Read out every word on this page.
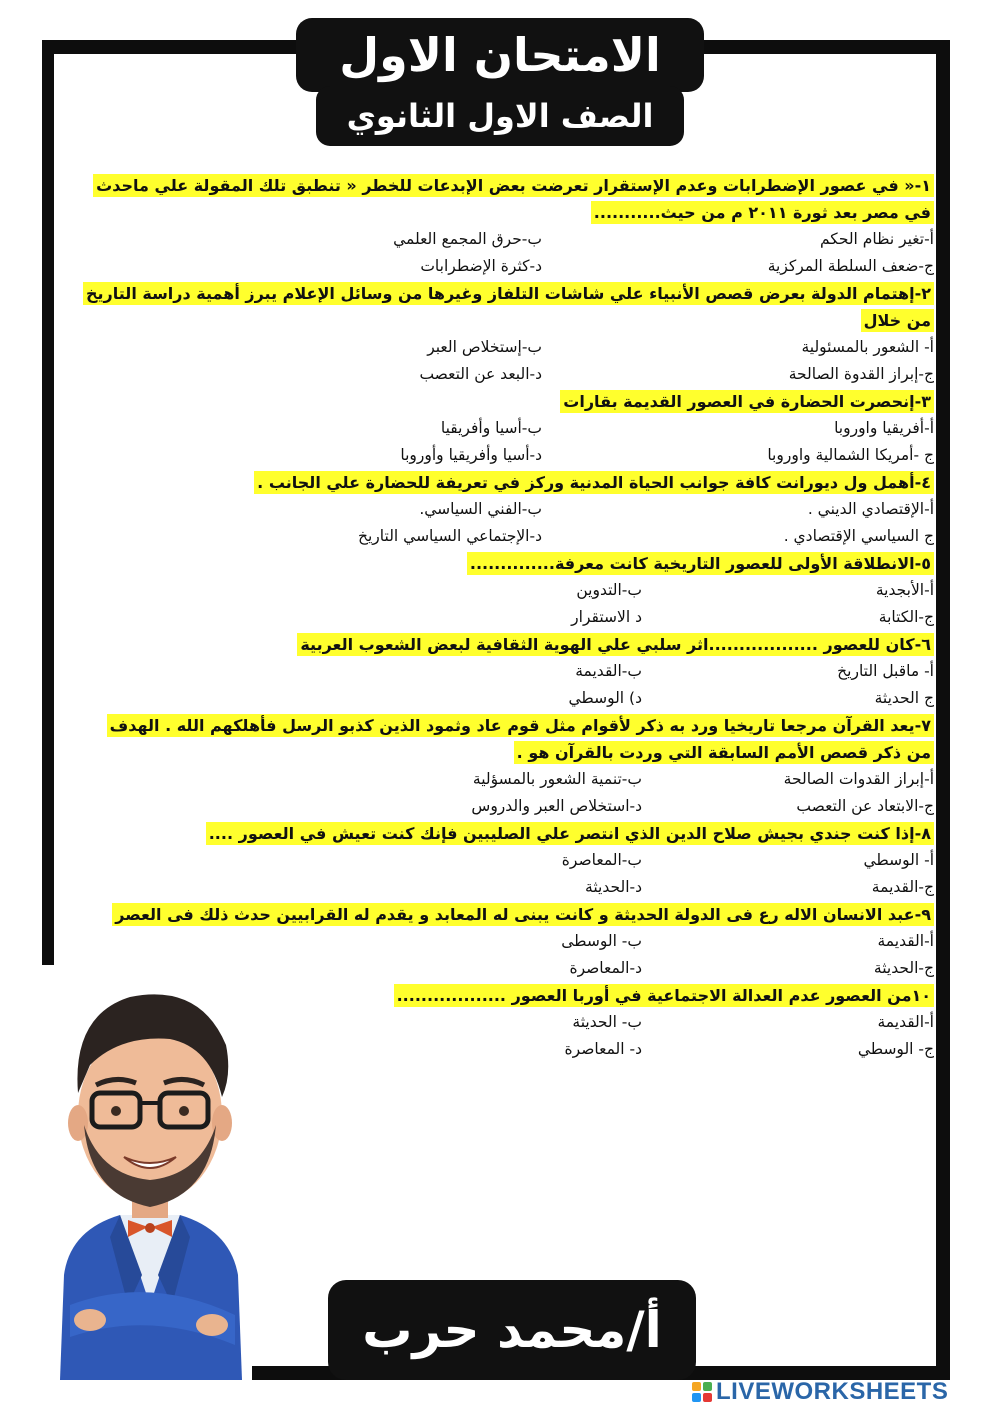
الامتحان الاول
الصف الاول الثانوي
١-« في عصور الإضطرابات وعدم الإستقرار تعرضت بعض الإبدعات للخطر « تنطبق تلك المقولة علي ماحدث
في مصر بعد ثورة ٢٠١١ م من حيث...........
أ-تغير نظام الحكم
ب-حرق المجمع العلمي
ج-ضعف السلطة المركزية
د-كثرة الإضطرابات
٢-إهتمام الدولة بعرض قصص الأنبياء علي شاشات التلفاز وغيرها من وسائل الإعلام يبرز أهمية دراسة التاريخ
من خلال
أ- الشعور بالمسئولية
ب-إستخلاص العبر
ج-إبراز القدوة الصالحة
د-البعد عن التعصب
٣-إنحصرت الحضارة في العصور القديمة بقارات
أ-أفريقيا واوروبا
ب-أسيا وأفريقيا
ج -أمريكا الشمالية واوروبا
د-أسيا وأفريقيا وأوروبا
٤-أهمل ول ديورانت كافة جوانب الحياة المدنية وركز في تعريفة للحضارة علي الجانب .
أ-الإقتصادي الديني .
ب-الفني السياسي.
ج السياسي الإقتصادي .
د-الإجتماعي السياسي التاريخ
٥-الانطلاقة الأولى للعصور التاريخية كانت معرفة..............
أ-الأبجدية
ب-التدوين
ج-الكتابة
د الاستقرار
٦-كان للعصور ..................اثر سلبي علي الهوية الثقافية لبعض الشعوب العربية
أ- ماقبل التاريخ
ب-القديمة
ج الحديثة
د) الوسطي
٧-يعد القرآن مرجعا تاريخيا ورد به ذكر لأقوام مثل قوم عاد وثمود الذين كذبو الرسل فأهلكهم الله . الهدف
من ذكر قصص الأمم السابقة التي وردت بالقرآن هو .
أ-إبراز القدوات الصالحة
ب-تنمية الشعور بالمسؤلية
ج-الابتعاد عن التعصب
د-استخلاص العبر والدروس
٨-إذا كنت جندي بجيش صلاح الدين الذي انتصر علي الصليبين فإنك كنت تعيش في العصور ....
أ- الوسطي
ب-المعاصرة
ج-القديمة
د-الحديثة
٩-عبد الانسان الاله رع فى الدولة الحديثة و كانت يبنى له المعابد و يقدم له القرابيين حدث ذلك فى العصر
أ-القديمة
ب- الوسطى
ج-الحديثة
د-المعاصرة
١٠من العصور عدم العدالة الاجتماعية في أوربا العصور ..................
أ-القديمة
ب- الحديثة
ج- الوسطي
د- المعاصرة
أ/محمد حرب
LIVEWORKSHEETS
